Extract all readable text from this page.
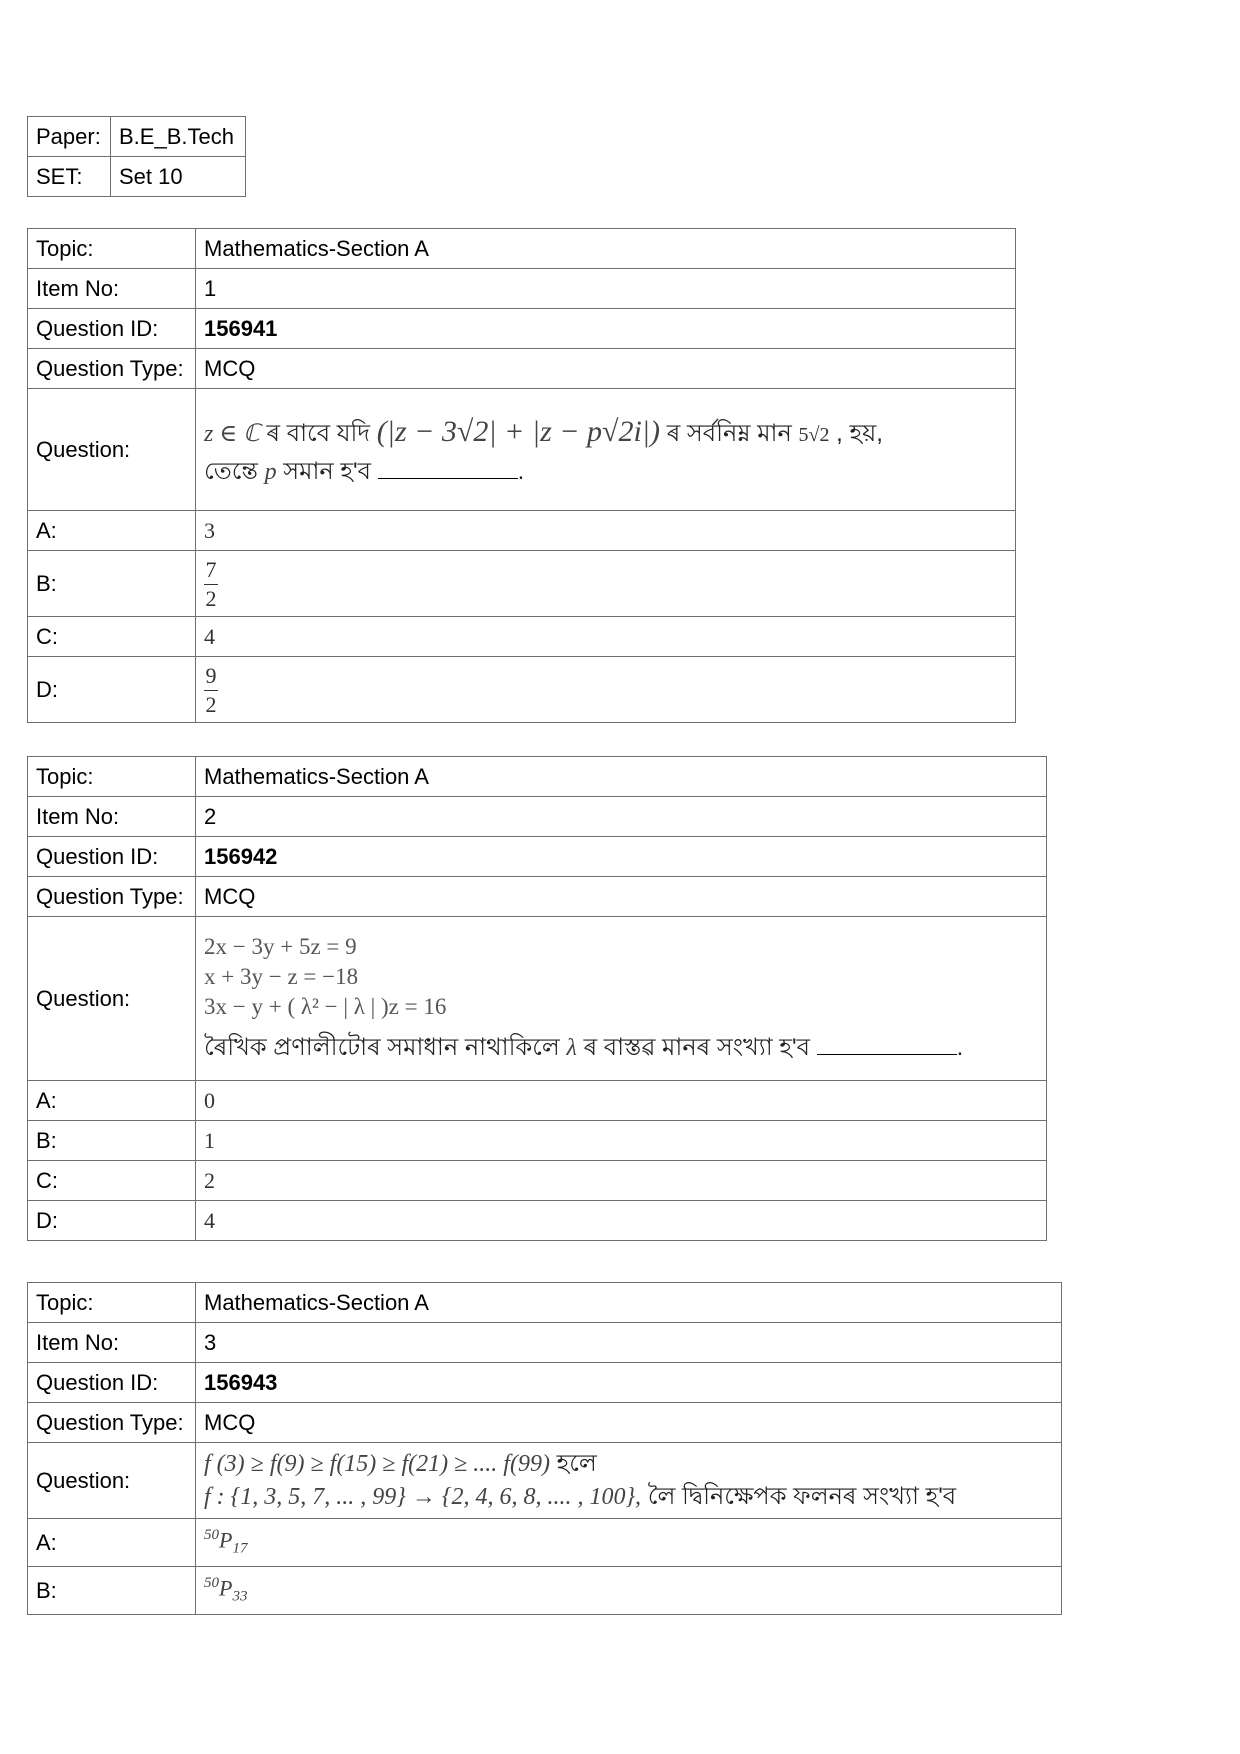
Paper:	B.E_B.Tech
SET:	Set 10
Topic:	Mathematics-Section A
Item No:	1
Question ID:	156941
Question Type:	MCQ
Question:	z ∈ ℂ ৰ বাবে যদি (|z − 3√2| + |z − p√2i|) ৰ সৰ্বনিম্ন মান 5√2 , হয়,
তেন্তে p সমান হ'ব .

A:	3
B:	$\frac{7}{2}$

C:	4
D:	$\frac{9}{2}$
Topic:	Mathematics-Section A
Item No:	2
Question ID:	156942
Question Type:	MCQ
Question:	2x − 3y + 5z = 9
x + 3y − z = −18
3x − y + ( λ² − | λ | )z = 16
ৰৈখিক প্ৰণালীটোৰ সমাধান নাথাকিলে λ ৰ বাস্তৱ মানৰ সংখ্যা হ'ব .

A:	0
B:	1
C:	2
D:	4
Topic:	Mathematics-Section A
Item No:	3
Question ID:	156943
Question Type:	MCQ
Question:	f (3) ≥ f(9) ≥ f(15) ≥ f(21) ≥ .... f(99) হলে
f : {1, 3, 5, 7, ... , 99} → {2, 4, 6, 8, .... , 100}, লৈ দ্বিনিক্ষেপক ফলনৰ সংখ্যা হ'ব

A:	$^{50}P_{17}$
B:	$^{50}P_{33}$
